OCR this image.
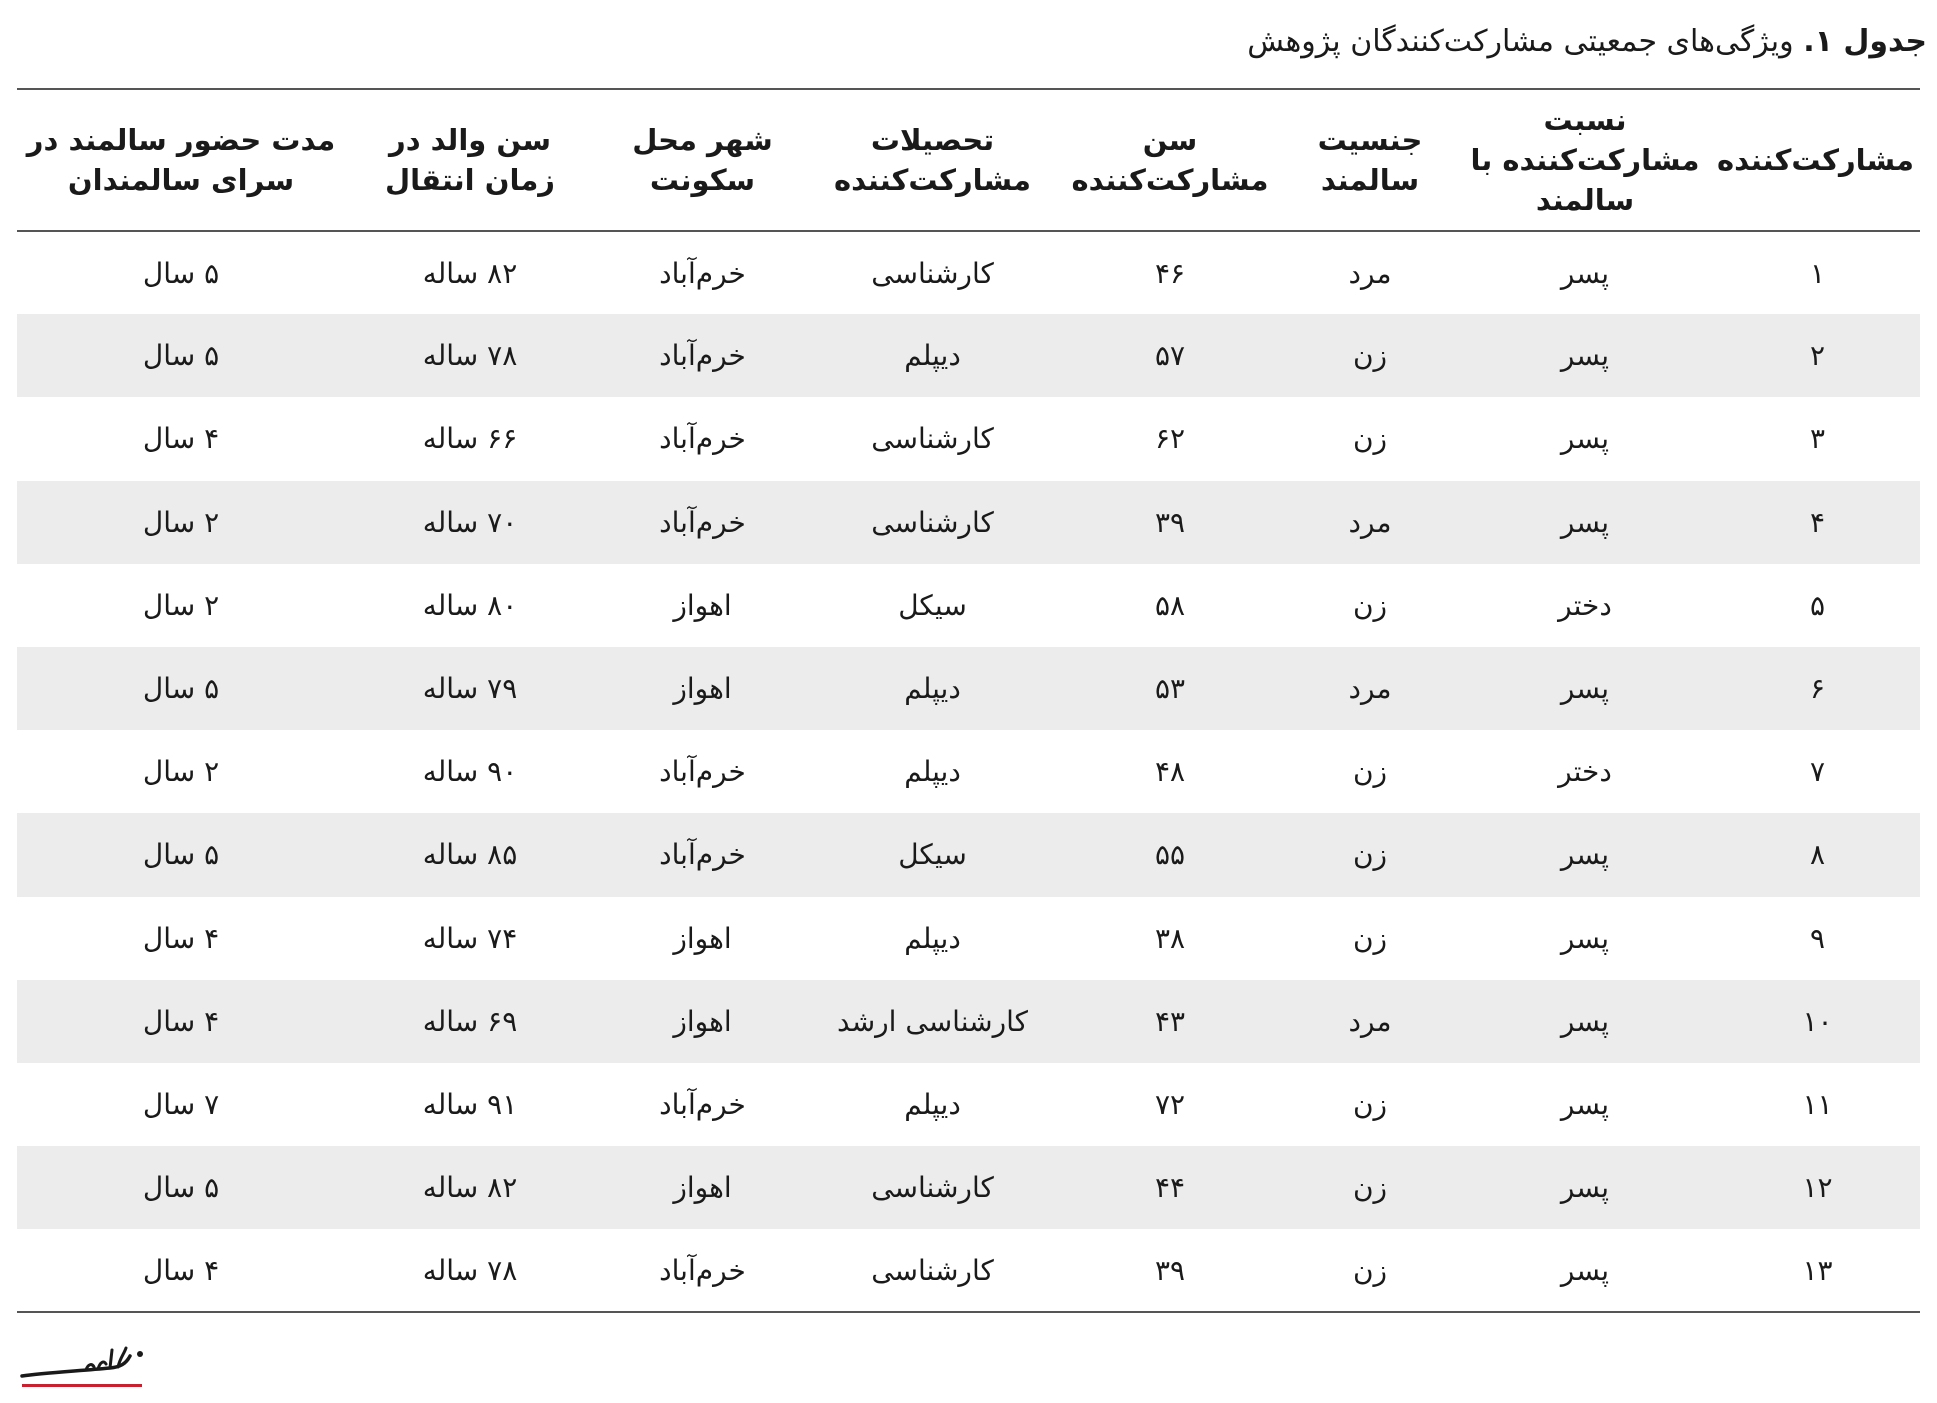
جدول ۱. ویژگی‌های جمعیتی مشارکت‌کنندگان پژوهش
مشارکت‌کننده	نسبت مشارکت‌کننده با سالمند	جنسیت سالمند	سن مشارکت‌کننده	تحصیلات مشارکت‌کننده	شهر محل سکونت	سن والد در زمان انتقال	مدت حضور سالمند در سرای سالمندان
۱	پسر	مرد	۴۶	کارشناسی	خرم‌آباد	۸۲ ساله	۵ سال
۲	پسر	زن	۵۷	دیپلم	خرم‌آباد	۷۸ ساله	۵ سال
۳	پسر	زن	۶۲	کارشناسی	خرم‌آباد	۶۶ ساله	۴ سال
۴	پسر	مرد	۳۹	کارشناسی	خرم‌آباد	۷۰ ساله	۲ سال
۵	دختر	زن	۵۸	سیکل	اهواز	۸۰ ساله	۲ سال
۶	پسر	مرد	۵۳	دیپلم	اهواز	۷۹ ساله	۵ سال
۷	دختر	زن	۴۸	دیپلم	خرم‌آباد	۹۰ ساله	۲ سال
۸	پسر	زن	۵۵	سیکل	خرم‌آباد	۸۵ ساله	۵ سال
۹	پسر	زن	۳۸	دیپلم	اهواز	۷۴ ساله	۴ سال
۱۰	پسر	مرد	۴۳	کارشناسی ارشد	اهواز	۶۹ ساله	۴ سال
۱۱	پسر	زن	۷۲	دیپلم	خرم‌آباد	۹۱ ساله	۷ سال
۱۲	پسر	زن	۴۴	کارشناسی	اهواز	۸۲ ساله	۵ سال
۱۳	پسر	زن	۳۹	کارشناسی	خرم‌آباد	۷۸ ساله	۴ سال
